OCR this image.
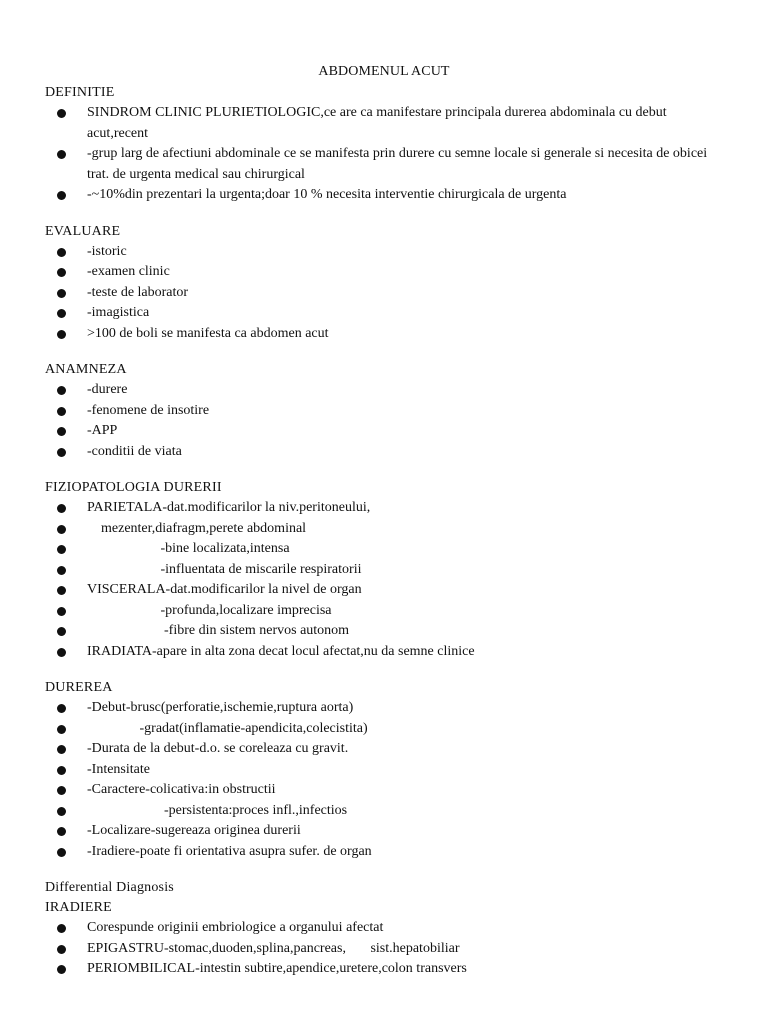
ABDOMENUL ACUT
DEFINITIE
SINDROM CLINIC PLURIETIOLOGIC,ce are ca manifestare principala durerea abdominala cu debut acut,recent
-grup larg de afectiuni abdominale ce se manifesta prin durere cu semne locale si generale si necesita de obicei trat. de urgenta medical sau chirurgical
-~10%din prezentari la urgenta;doar 10 % necesita interventie chirurgicala de urgenta
EVALUARE
-istoric
-examen clinic
-teste de laborator
-imagistica
>100 de boli se manifesta ca abdomen acut
ANAMNEZA
-durere
-fenomene de insotire
-APP
-conditii de viata
FIZIOPATOLOGIA DURERII
PARIETALA-dat.modificarilor la niv.peritoneului,
mezenter,diafragm,perete abdominal
-bine localizata,intensa
-influentata de miscarile respiratorii
VISCERALA-dat.modificarilor la nivel de organ
-profunda,localizare imprecisa
-fibre din sistem nervos autonom
IRADIATA-apare in alta zona decat locul afectat,nu da semne clinice
DUREREA
-Debut-brusc(perforatie,ischemie,ruptura aorta)
-gradat(inflamatie-apendicita,colecistita)
-Durata de la debut-d.o. se coreleaza cu gravit.
-Intensitate
-Caractere-colicativa:in obstructii
-persistenta:proces infl.,infectios
-Localizare-sugereaza originea durerii
-Iradiere-poate fi orientativa asupra sufer. de organ
Differential Diagnosis
IRADIERE
Corespunde originii embriologice a organului afectat
EPIGASTRU-stomac,duoden,splina,pancreas,       sist.hepatobiliar
PERIOMBILICAL-intestin subtire,apendice,uretere,colon transvers
